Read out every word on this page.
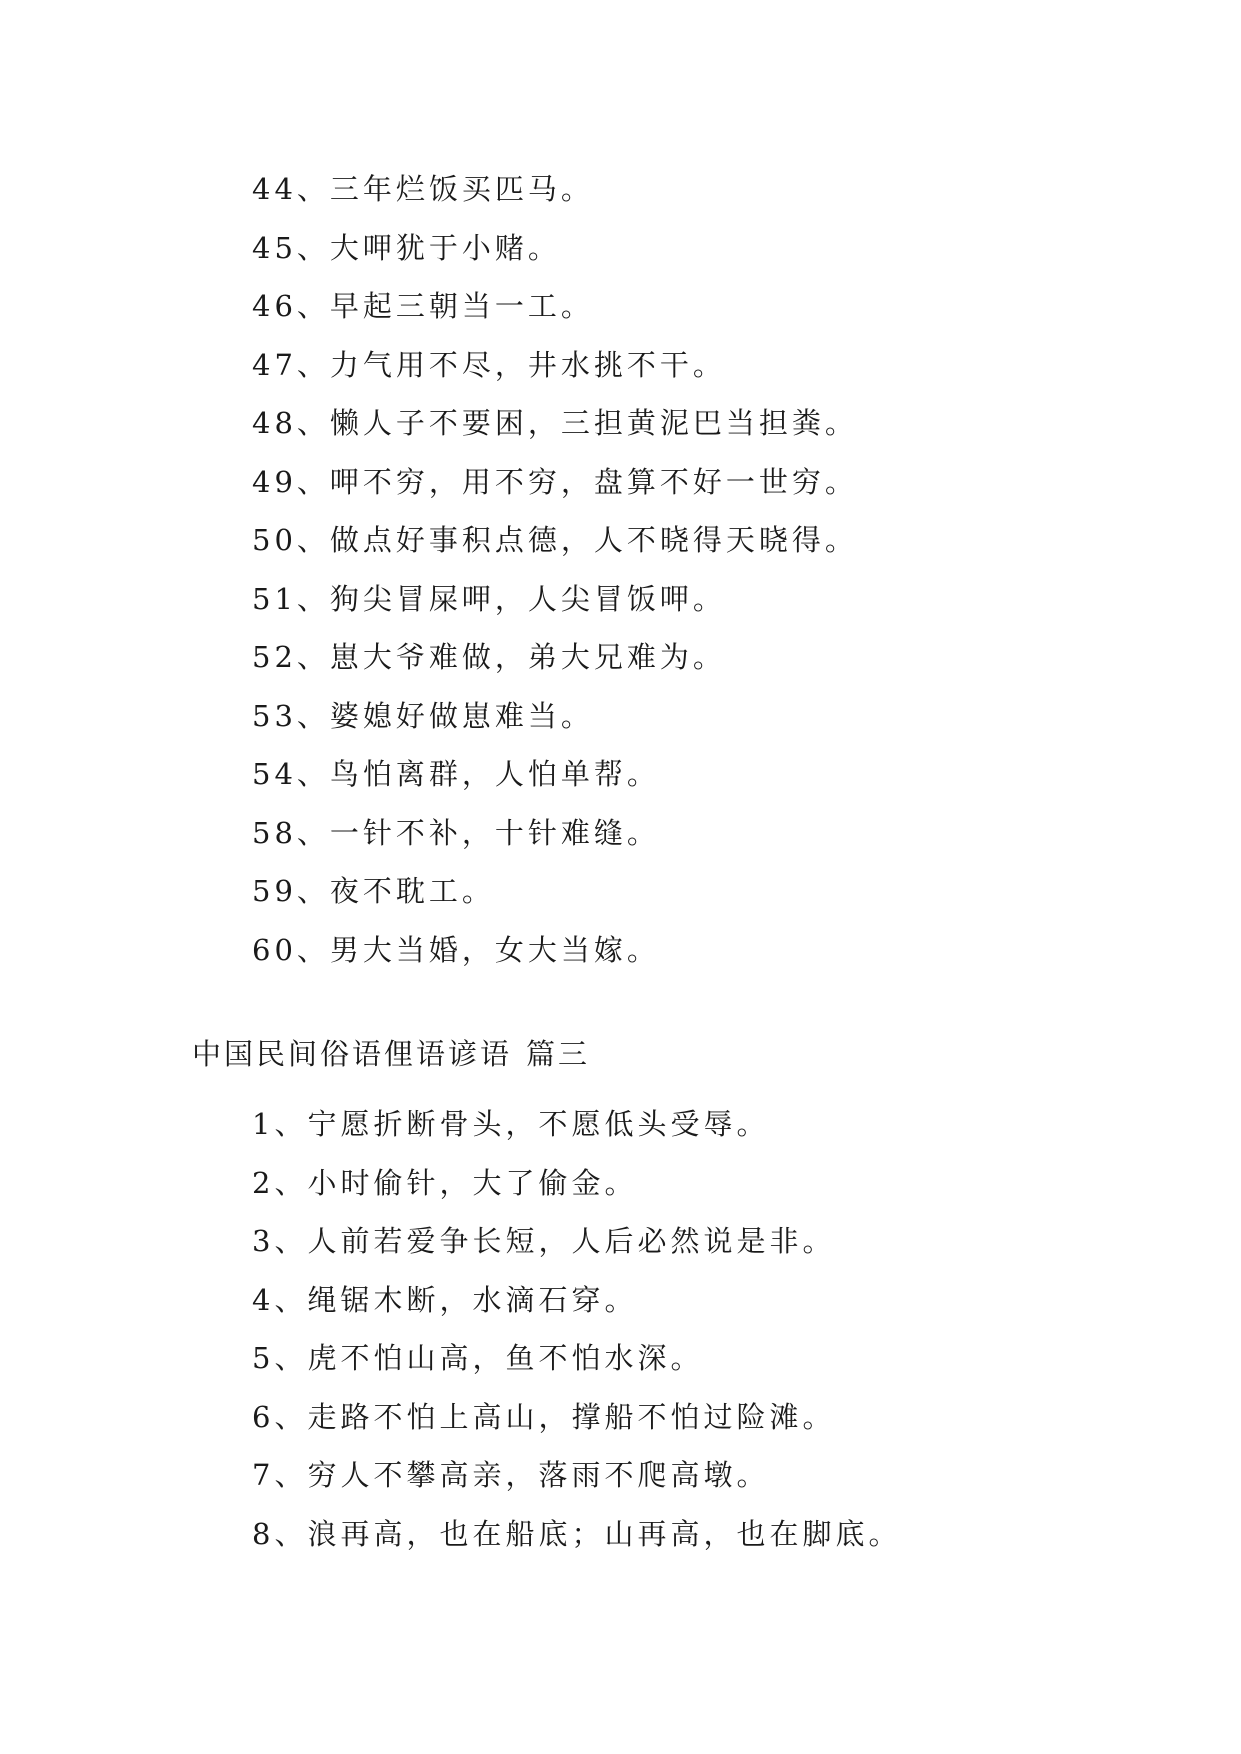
44、三年烂饭买匹马。
45、大呷犹于小赌。
46、早起三朝当一工。
47、力气用不尽，井水挑不干。
48、懒人子不要困，三担黄泥巴当担粪。
49、呷不穷，用不穷，盘算不好一世穷。
50、做点好事积点德，人不晓得天晓得。
51、狗尖冒屎呷，人尖冒饭呷。
52、崽大爷难做，弟大兄难为。
53、婆媳好做崽难当。
54、鸟怕离群，人怕单帮。
58、一针不补，十针难缝。
59、夜不耽工。
60、男大当婚，女大当嫁。
中国民间俗语俚语谚语 篇三
1、宁愿折断骨头，不愿低头受辱。
2、小时偷针，大了偷金。
3、人前若爱争长短，人后必然说是非。
4、绳锯木断，水滴石穿。
5、虎不怕山高，鱼不怕水深。
6、走路不怕上高山，撑船不怕过险滩。
7、穷人不攀高亲，落雨不爬高墩。
8、浪再高，也在船底；山再高，也在脚底。
